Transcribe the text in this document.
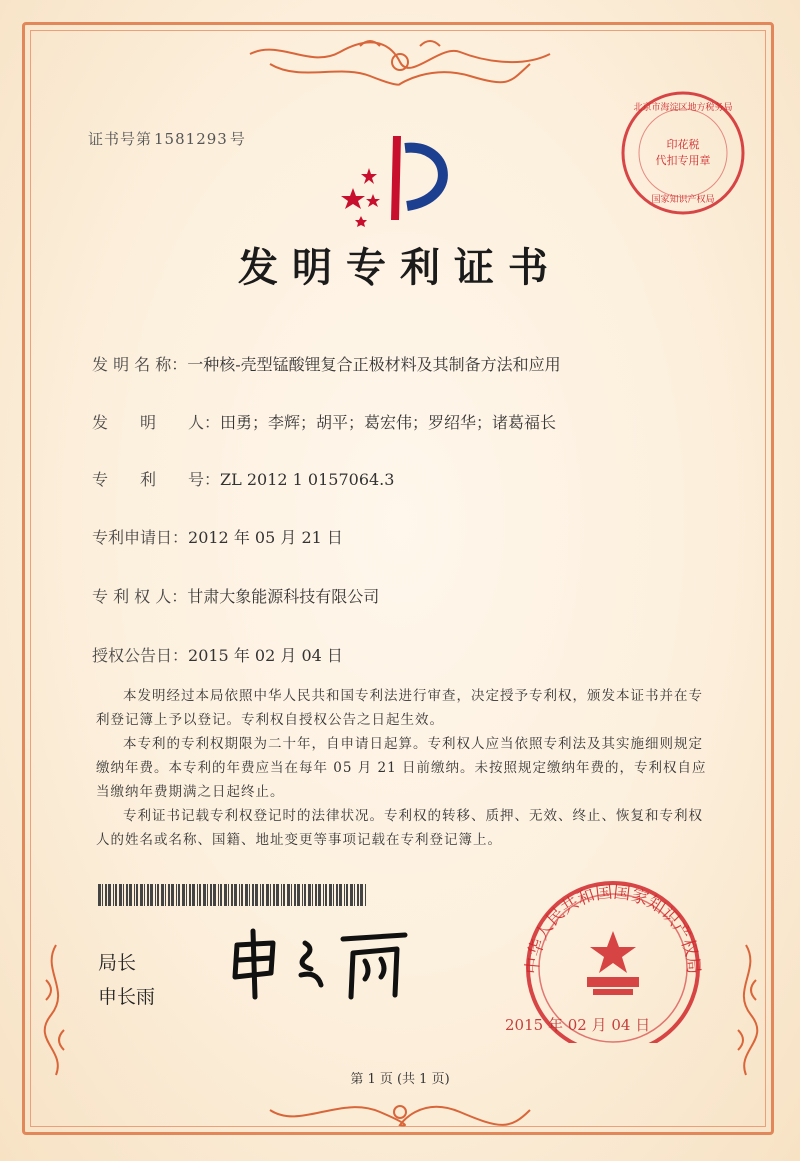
证书号第 1581293 号	印花税
代扣专用章
北京市海淀区地方税务局
国家知识产权局
发明专利证书
发 明 名 称：一种核-壳型锰酸锂复合正极材料及其制备方法和应用
发　　明　　人：田勇；李辉；胡平；葛宏伟；罗绍华；诸葛福长
专　　利　　号：ZL 2012 1 0157064.3
专利申请日：2012 年 05 月 21 日
专 利 权 人：甘肃大象能源科技有限公司
授权公告日：2015 年 02 月 04 日

本发明经过本局依照中华人民共和国专利法进行审查，决定授予专利权，颁发本证书并在专利登记簿上予以登记。专利权自授权公告之日起生效。

本专利的专利权期限为二十年，自申请日起算。专利权人应当依照专利法及其实施细则规定缴纳年费。本专利的年费应当在每年 05 月 21 日前缴纳。未按照规定缴纳年费的，专利权自应当缴纳年费期满之日起终止。

专利证书记载专利权登记时的法律状况。专利权的转移、质押、无效、终止、恢复和专利权人的姓名或名称、国籍、地址变更等事项记载在专利登记簿上。

局长
申长雨
中华人民共和国国家知识产权局
2015 年 02 月 04 日
第 1 页 (共 1 页)
